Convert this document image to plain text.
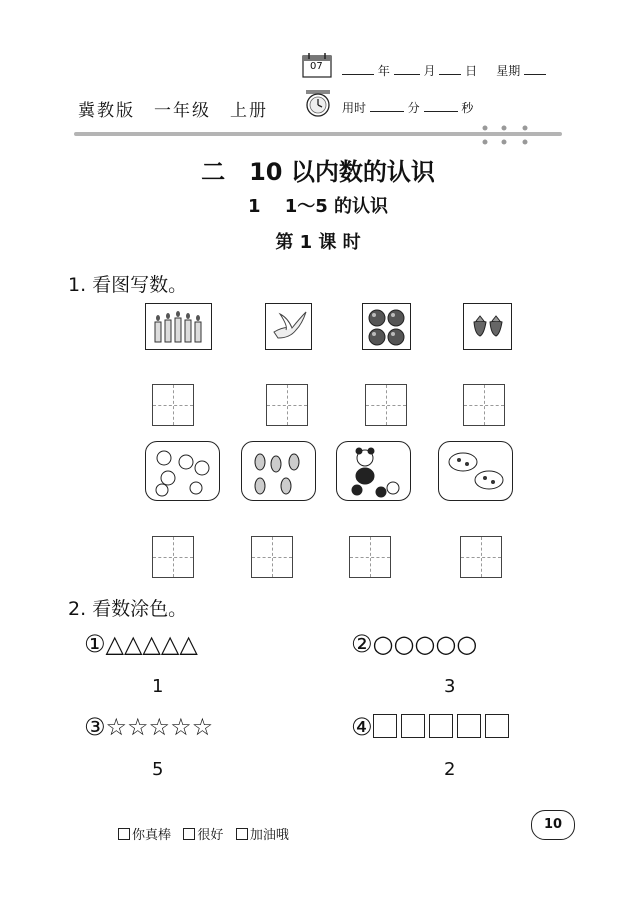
07	年	月 日 星期
用时	分	秒
冀教版　一年级　上册
二　10 以内数的认识
1　 1～5 的认识
第 1 课 时
1. 看图写数。
2. 看数涂色。
①△△△△△
1
②○○○○○
3
③☆☆☆☆☆
5
④
2
你真棒 很好 加油哦
10
